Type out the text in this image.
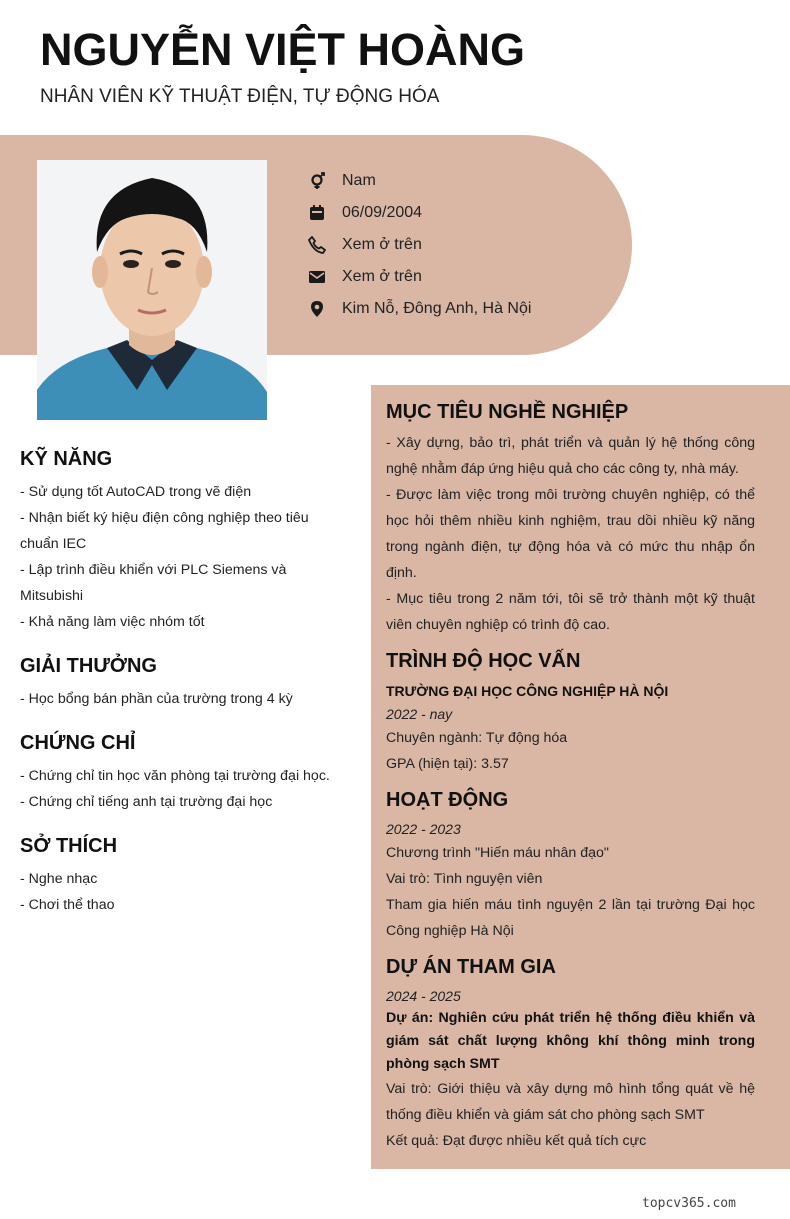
NGUYỄN VIỆT HOÀNG
NHÂN VIÊN KỸ THUẬT ĐIỆN, TỰ ĐỘNG HÓA
Nam
06/09/2004
Xem ở trên
Xem ở trên
Kim Nỗ, Đông Anh, Hà Nội
KỸ NĂNG
- Sử dụng tốt AutoCAD trong vẽ điện
- Nhận biết ký hiệu điện công nghiệp theo tiêu chuẩn IEC
- Lập trình điều khiển với PLC Siemens và Mitsubishi
- Khả năng làm việc nhóm tốt
GIẢI THƯỞNG
- Học bổng bán phần của trường trong 4 kỳ
CHỨNG CHỈ
- Chứng chỉ tin học văn phòng tại trường đại học.
- Chứng chỉ tiếng anh tại trường đại học
SỞ THÍCH
- Nghe nhạc
- Chơi thể thao
MỤC TIÊU NGHỀ NGHIỆP
- Xây dựng, bảo trì, phát triển và quản lý hệ thống công nghệ nhằm đáp ứng hiệu quả cho các công ty, nhà máy.
- Được làm việc trong môi trường chuyên nghiệp, có thể học hỏi thêm nhiều kinh nghiệm, trau dồi nhiều kỹ năng trong ngành điện, tự động hóa và có mức thu nhập ổn định.
- Mục tiêu trong 2 năm tới, tôi sẽ trở thành một kỹ thuật viên chuyên nghiệp có trình độ cao.
TRÌNH ĐỘ HỌC VẤN
TRƯỜNG ĐẠI HỌC CÔNG NGHIỆP HÀ NỘI
2022 - nay
Chuyên ngành: Tự động hóa
GPA (hiện tại): 3.57
HOẠT ĐỘNG
2022 - 2023
Chương trình "Hiến máu nhân đạo"
Vai trò: Tình nguyện viên
Tham gia hiến máu tình nguyện 2 lần tại trường Đại học Công nghiệp Hà Nội
DỰ ÁN THAM GIA
2024 - 2025
Dự án: Nghiên cứu phát triển hệ thống điều khiển và giám sát chất lượng không khí thông minh trong phòng sạch SMT
Vai trò: Giới thiệu và xây dựng mô hình tổng quát về hệ thống điều khiển và giám sát cho phòng sạch SMT
Kết quả: Đạt được nhiều kết quả tích cực
topcv365.com
